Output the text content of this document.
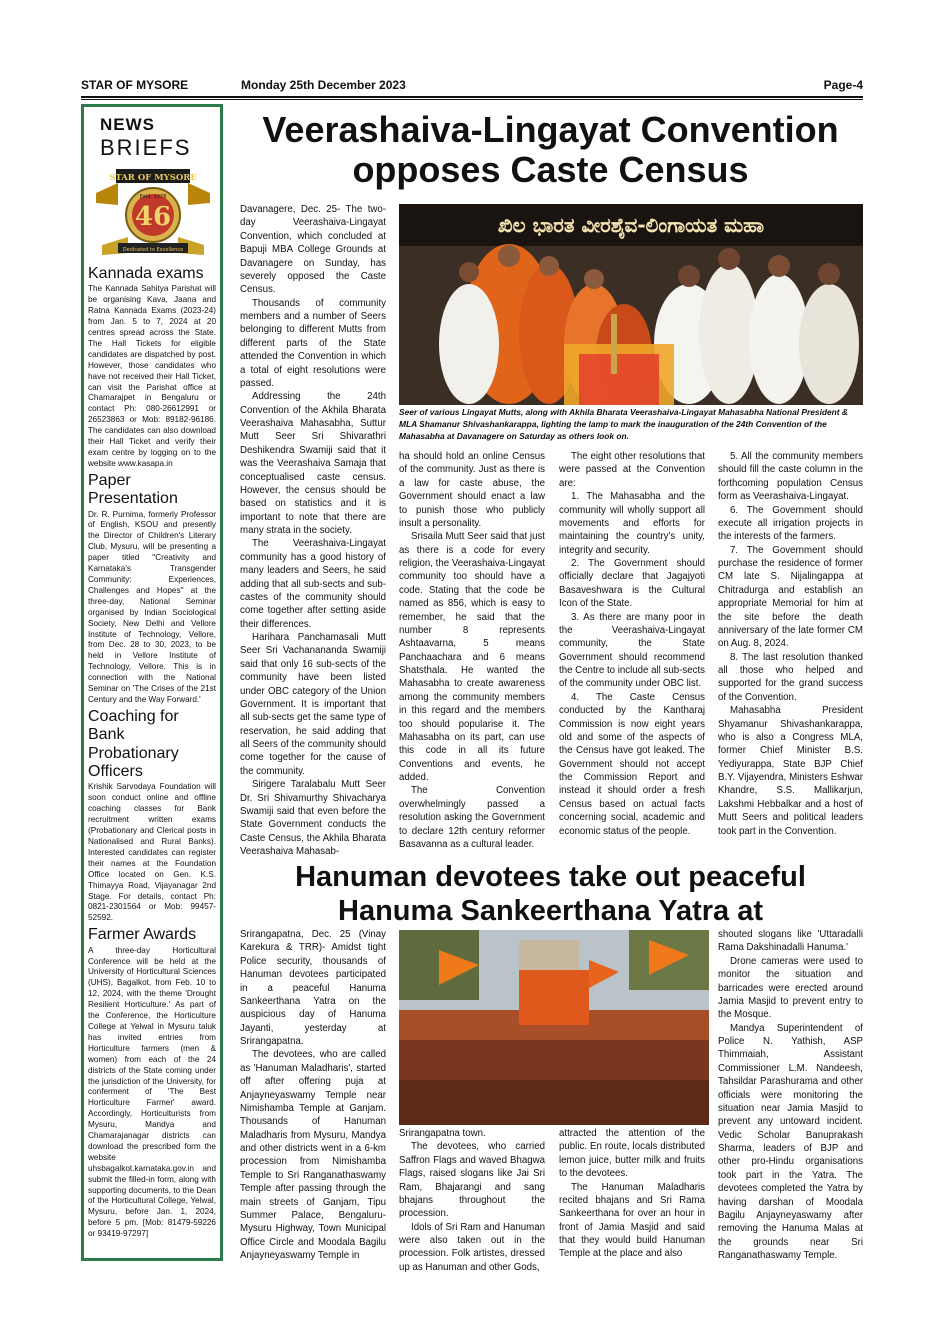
STAR OF MYSORE	Monday 25th December 2023	Page-4
NEWS
BRIEFS
STAR OF MYSORE
Estd. 1978
46
Dedicated to Excellence
Kannada exams

The Kannada Sahitya Parishat will be organising Kava, Jaana and Ratna Kannada Exams (2023-24) from Jan. 5 to 7, 2024 at 20 centres spread across the State. The Hall Tickets for eligible candidates are dispatched by post. However, those candidates who have not received their Hall Ticket, can visit the Parishat office at Chamarajpet in Bengaluru or contact Ph: 080-26612991 or 26523863 or Mob: 89182-96186. The candidates can also download their Hall Ticket and verify their exam centre by logging on to the website www.kasapa.in

Paper Presentation

Dr. R. Purnima, formerly Professor of English, KSOU and presently the Director of Children's Literary Club, Mysuru, will be presenting a paper titled "Creativity and Karnataka's Transgender Community: Experiences, Challenges and Hopes" at the three-day, National Seminar organised by Indian Sociological Society, New Delhi and Vellore Institute of Technology, Vellore, from Dec. 28 to 30, 2023, to be held in Vellore Institute of Technology, Vellore. This is in connection with the National Seminar on 'The Crises of the 21st Century and the Way Forward.'

Coaching for Bank Probationary Officers

Krishik Sarvodaya Foundation will soon conduct online and offline coaching classes for Bank recruitment written exams (Probationary and Clerical posts in Nationalised and Rural Banks). Interested candidates can register their names at the Foundation Office located on Gen. K.S. Thimayya Road, Vijayanagar 2nd Stage. For details, contact Ph: 0821-2301564 or Mob: 99457-52592.

Farmer Awards

A three-day Horticultural Conference will be held at the University of Horticultural Sciences (UHS), Bagalkot, from Feb. 10 to 12, 2024, with the theme 'Drought Resilient Horticulture.' As part of the Conference, the Horticulture College at Yelwal in Mysuru taluk has invited entries from Horticulture farmers (men & women) from each of the 24 districts of the State coming under the jurisdiction of the University, for conferment of 'The Best Horticulture Farmer' award. Accordingly, Horticulturists from Mysuru, Mandya and Chamarajanagar districts can download the prescribed form the website uhsbagalkot.karnataka.gov.in and submit the filled-in form, along with supporting documents, to the Dean of the Horticultural College, Yelwal, Mysuru, before Jan. 1, 2024, before 5 pm. [Mob: 81479-59226 or 93419-97297]

Veerashaiva-Lingayat Convention opposes Caste Census

Davanagere, Dec. 25- The two-day Veerashaiva-Lingayat Convention, which concluded at Bapuji MBA College Grounds at Davanagere on Sunday, has severely opposed the Caste Census.

Thousands of community members and a number of Seers belonging to different Mutts from different parts of the State attended the Convention in which a total of eight resolutions were passed.

Addressing the 24th Convention of the Akhila Bharata Veerashaiva Mahasabha, Suttur Mutt Seer Sri Shivarathri Deshikendra Swamiji said that it was the Veerashaiva Samaja that conceptualised caste census. However, the census should be based on statistics and it is important to note that there are many strata in the society.

The Veerashaiva-Lingayat community has a good history of many leaders and Seers, he said adding that all sub-sects and sub-castes of the community should come together after setting aside their differences.

Harihara Panchamasali Mutt Seer Sri Vachanananda Swamiji said that only 16 sub-sects of the community have been listed under OBC category of the Union Government. It is important that all sub-sects get the same type of reservation, he said adding that all Seers of the community should come together for the cause of the community.

Sirigere Taralabalu Mutt Seer Dr. Sri Shivamurthy Shivacharya Swamiji said that even before the State Government conducts the Caste Census, the Akhila Bharata Veerashaiva Mahasab-

ಖಿಲ ಭಾರತ ವೀರಶೈವ-ಲಿಂಗಾಯತ ಮಹಾ
Seer of various Lingayat Mutts, along with Akhila Bharata Veerashaiva-Lingayat Mahasabha National President & MLA Shamanur Shivashankarappa, lighting the lamp to mark the inauguration of the 24th Convention of the Mahasabha at Davanagere on Saturday as others look on.

ha should hold an online Census of the community. Just as there is a law for caste abuse, the Government should enact a law to punish those who publicly insult a personality.

Srisaila Mutt Seer said that just as there is a code for every religion, the Veerashaiva-Lingayat community too should have a code. Stating that the code be named as 856, which is easy to remember, he said that the number 8 represents Ashtaavarna, 5 means Panchaachara and 6 means Shatsthala. He wanted the Mahasabha to create awareness among the community members in this regard and the members too should popularise it. The Mahasabha on its part, can use this code in all its future Conventions and events, he added.

The Convention overwhelmingly passed a resolution asking the Government to declare 12th century reformer Basavanna as a cultural leader.

The eight other resolutions that were passed at the Convention are:

1. The Mahasabha and the community will wholly support all movements and efforts for maintaining the country's unity, integrity and security.

2. The Government should officially declare that Jagajyoti Basaveshwara is the Cultural Icon of the State.

3. As there are many poor in the Veerashaiva-Lingayat community, the State Government should recommend the Centre to include all sub-sects of the community under OBC list.

4. The Caste Census conducted by the Kantharaj Commission is now eight years old and some of the aspects of the Census have got leaked. The Government should not accept the Commission Report and instead it should order a fresh Census based on actual facts concerning social, academic and economic status of the people.

5. All the community members should fill the caste column in the forthcoming population Census form as Veerashaiva-Lingayat.

6. The Government should execute all irrigation projects in the interests of the farmers.

7. The Government should purchase the residence of former CM late S. Nijalingappa at Chitradurga and establish an appropriate Memorial for him at the site before the death anniversary of the late former CM on Aug. 8, 2024.

8. The last resolution thanked all those who helped and supported for the grand success of the Convention.

Mahasabha President Shyamanur Shivashankarappa, who is also a Congress MLA, former Chief Minister B.S. Yediyurappa, State BJP Chief B.Y. Vijayendra, Ministers Eshwar Khandre, S.S. Mallikarjun, Lakshmi Hebbalkar and a host of Mutt Seers and political leaders took part in the Convention.

Hanuman devotees take out peaceful Hanuma Sankeerthana Yatra at

Srirangapatna, Dec. 25 (Vinay Karekura & TRR)- Amidst tight Police security, thousands of Hanuman devotees participated in a peaceful Hanuma Sankeerthana Yatra on the auspicious day of Hanuma Jayanti, yesterday at Srirangapatna.

The devotees, who are called as 'Hanuman Maladharis', started off after offering puja at Anjayneyaswamy Temple near Nimishamba Temple at Ganjam. Thousands of Hanuman Maladharis from Mysuru, Mandya and other districts went in a 6-km procession from Nimishamba Temple to Sri Ranganathaswamy Temple after passing through the main streets of Ganjam, Tipu Summer Palace, Bengaluru-Mysuru Highway, Town Municipal Office Circle and Moodala Bagilu Anjayneyaswamy Temple in

Srirangapatna town.

The devotees, who carried Saffron Flags and waved Bhagwa Flags, raised slogans like Jai Sri Ram, Bhajarangi and sang bhajans throughout the procession.

Idols of Sri Ram and Hanuman were also taken out in the procession. Folk artistes, dressed up as Hanuman and other Gods,

attracted the attention of the public. En route, locals distributed lemon juice, butter milk and fruits to the devotees.

The Hanuman Maladharis recited bhajans and Sri Rama Sankeerthana for over an hour in front of Jamia Masjid and said that they would build Hanuman Temple at the place and also

shouted slogans like 'Uttaradalli Rama Dakshinadalli Hanuma.'

Drone cameras were used to monitor the situation and barricades were erected around Jamia Masjid to prevent entry to the Mosque.

Mandya Superintendent of Police N. Yathish, ASP Thimmaiah, Assistant Commissioner L.M. Nandeesh, Tahsildar Parashurama and other officials were monitoring the situation near Jamia Masjid to prevent any untoward incident. Vedic Scholar Banuprakash Sharma, leaders of BJP and other pro-Hindu organisations took part in the Yatra. The devotees completed the Yatra by having darshan of Moodala Bagilu Anjayneyaswamy after removing the Hanuma Malas at the grounds near Sri Ranganathaswamy Temple.
